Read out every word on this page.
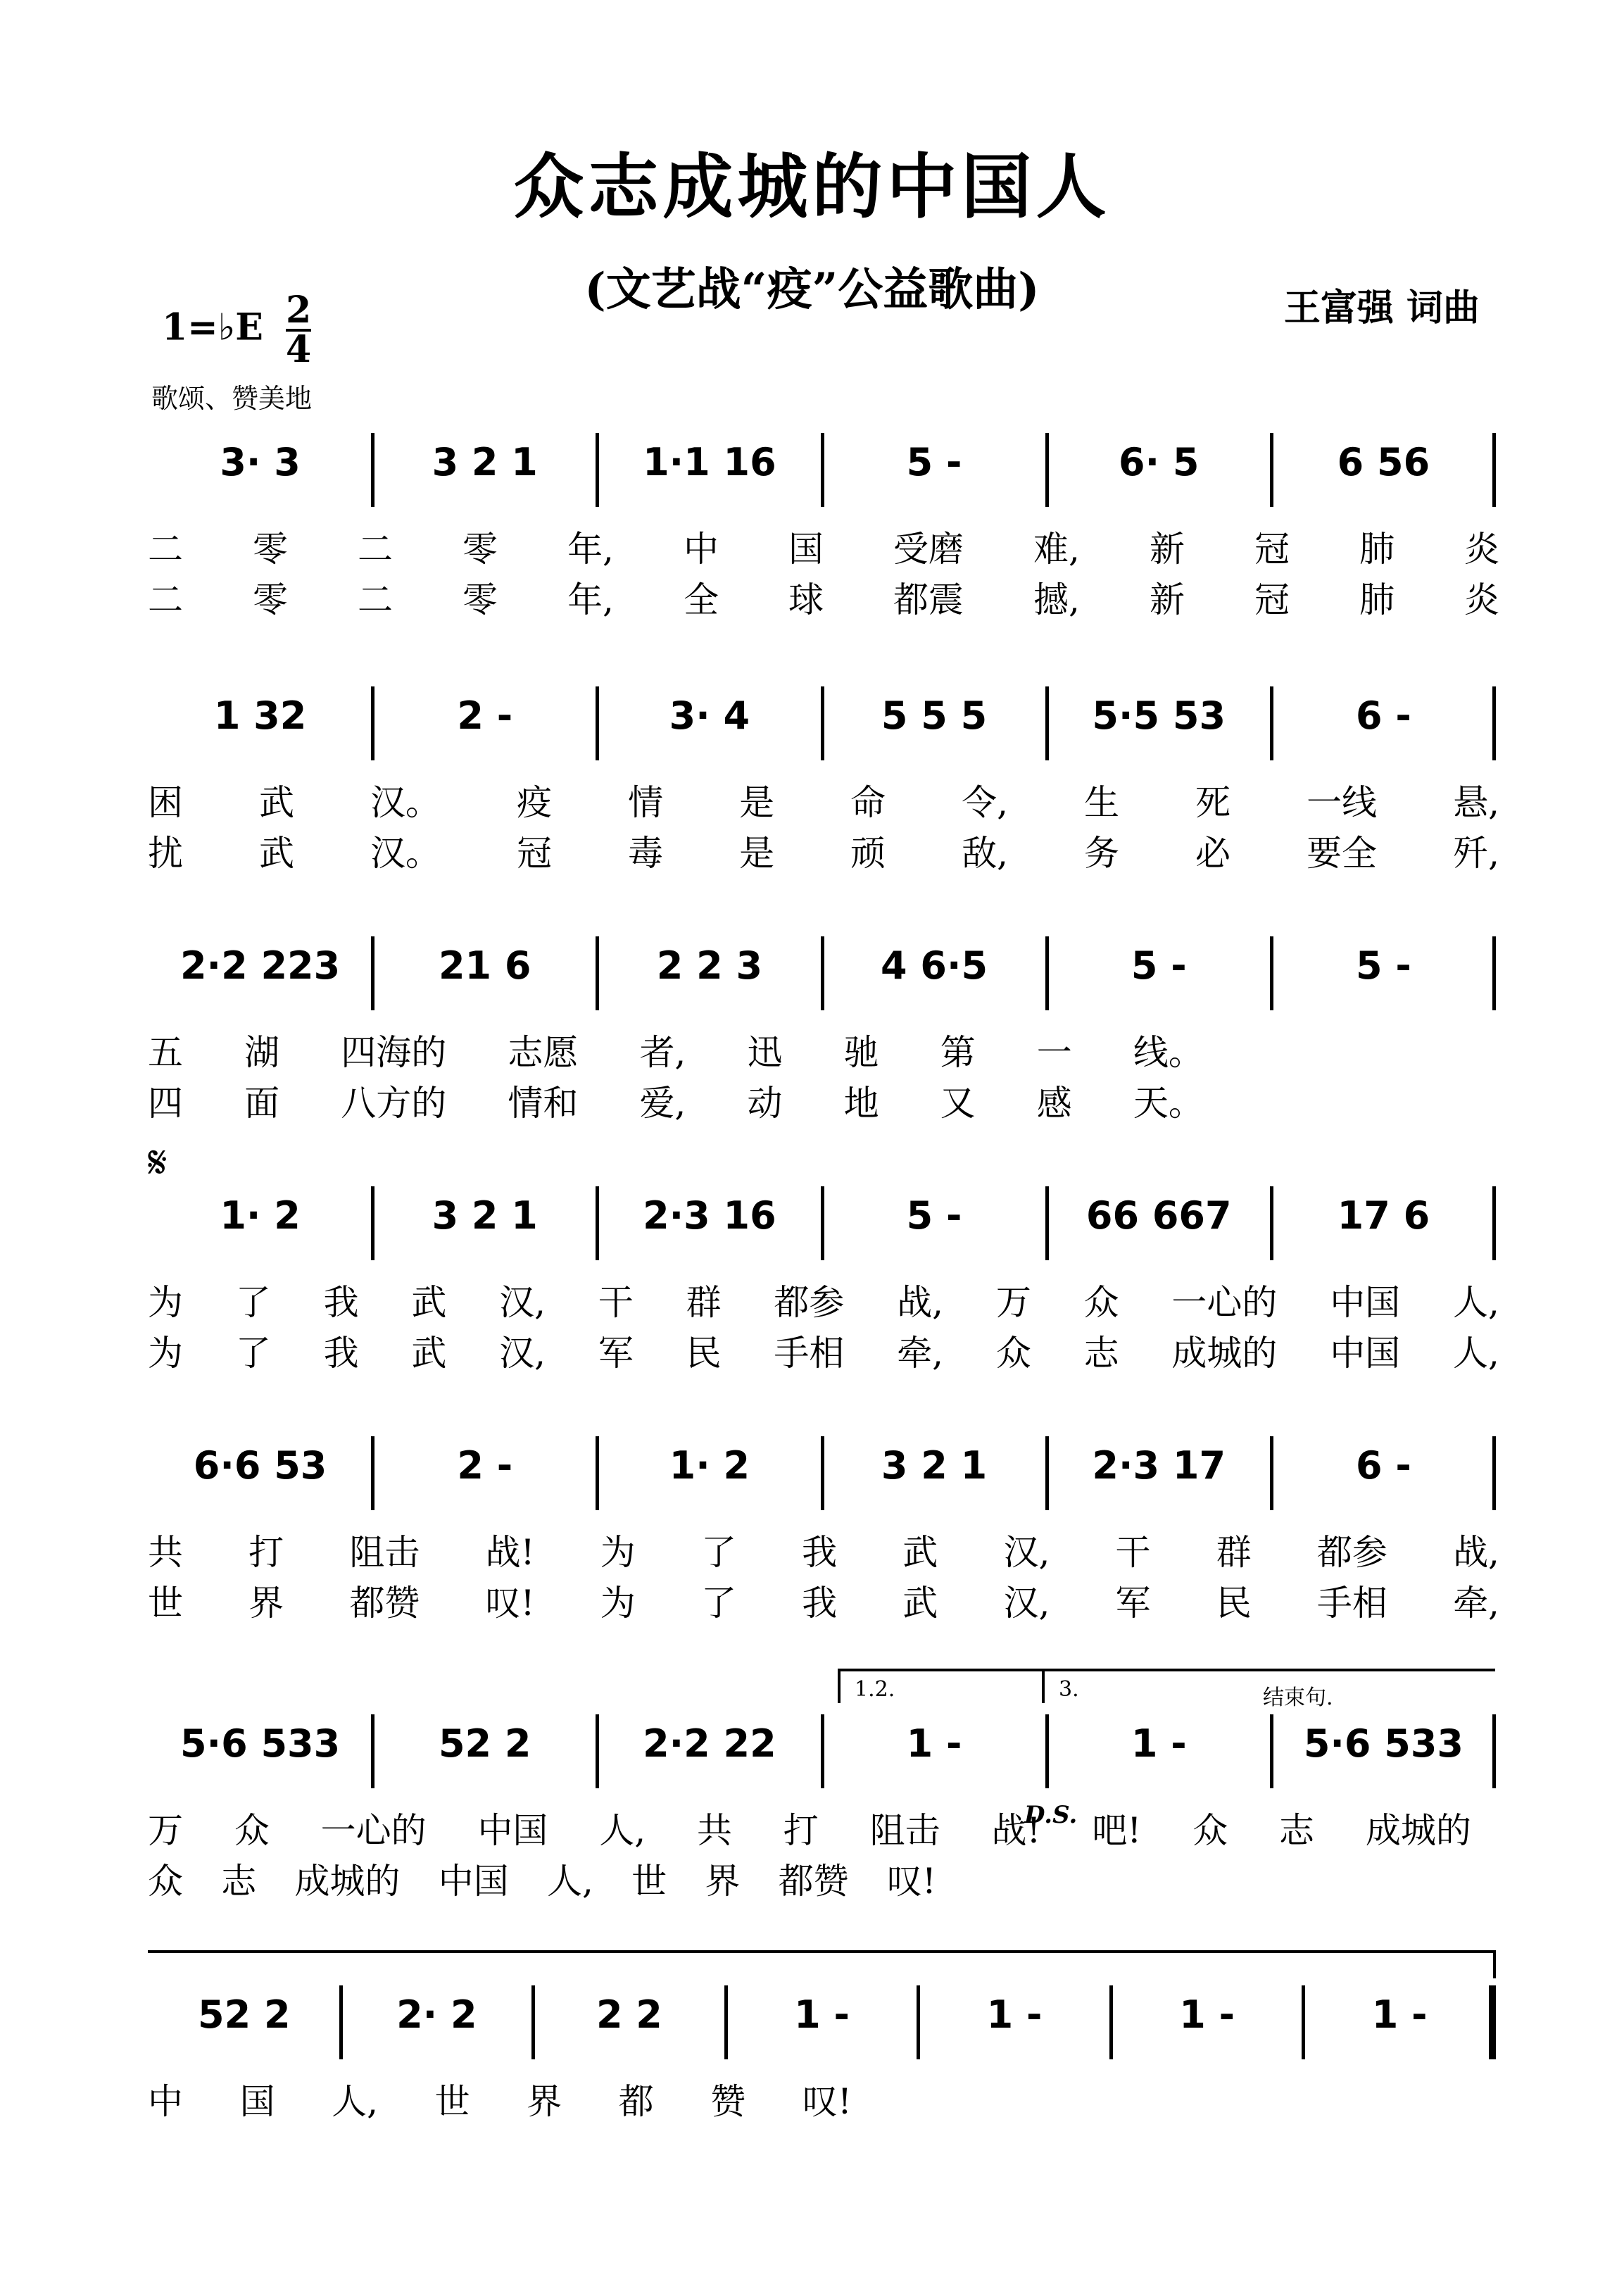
众志成城的中国人
(文艺战“疫”公益歌曲)	王富强 词曲
1=♭E $\frac{2}{4}$
歌颂、赞美地
𝄋
3· 3	3 2 1	1·1 16	5 -	6· 5	6 56
二 零 二 零 年, 中 国 受磨 难, 新 冠 肺 炎
二 零 二 零 年, 全 球 都震 撼, 新 冠 肺 炎
1 32	2 -	3· 4	5 5 5	5·5 53	6 -
困 武 汉。 疫 情 是 命 令, 生 死 一线 悬,
扰 武 汉。 冠 毒 是 顽 敌, 务 必 要全 歼,
2·2 223	21 6	2 2 3	4 6·5	5 -	5 -
五 湖 四海的 志愿 者, 迅 驰 第 一 线。
四 面 八方的 情和 爱, 动 地 又 感 天。
1· 2	3 2 1	2·3 16	5 -	66 667	17 6
为 了 我 武 汉, 干 群 都参 战, 万 众 一心的 中国 人,
为 了 我 武 汉, 军 民 手相 牵, 众 志 成城的 中国 人,
6·6 53	2 -	1· 2	3 2 1	2·3 17	6 -
共 打 阻击 战! 为 了 我 武 汉, 干 群 都参 战,
世 界 都赞 叹! 为 了 我 武 汉, 军 民 手相 牵,
5·6 533	52 2	2·2 22	1 -	1 -	5·6 533
万 众 一心的 中国 人, 共 打 阻击 战! 吧! 众 志 成城的
众 志 成城的 中国 人, 世 界 都赞 叹!
52 2	2· 2	2 2	1 -	1 -	1 -	1 -
中 国 人, 世 界 都 赞 叹!
1.2.	3.	结束句.
D.S.
